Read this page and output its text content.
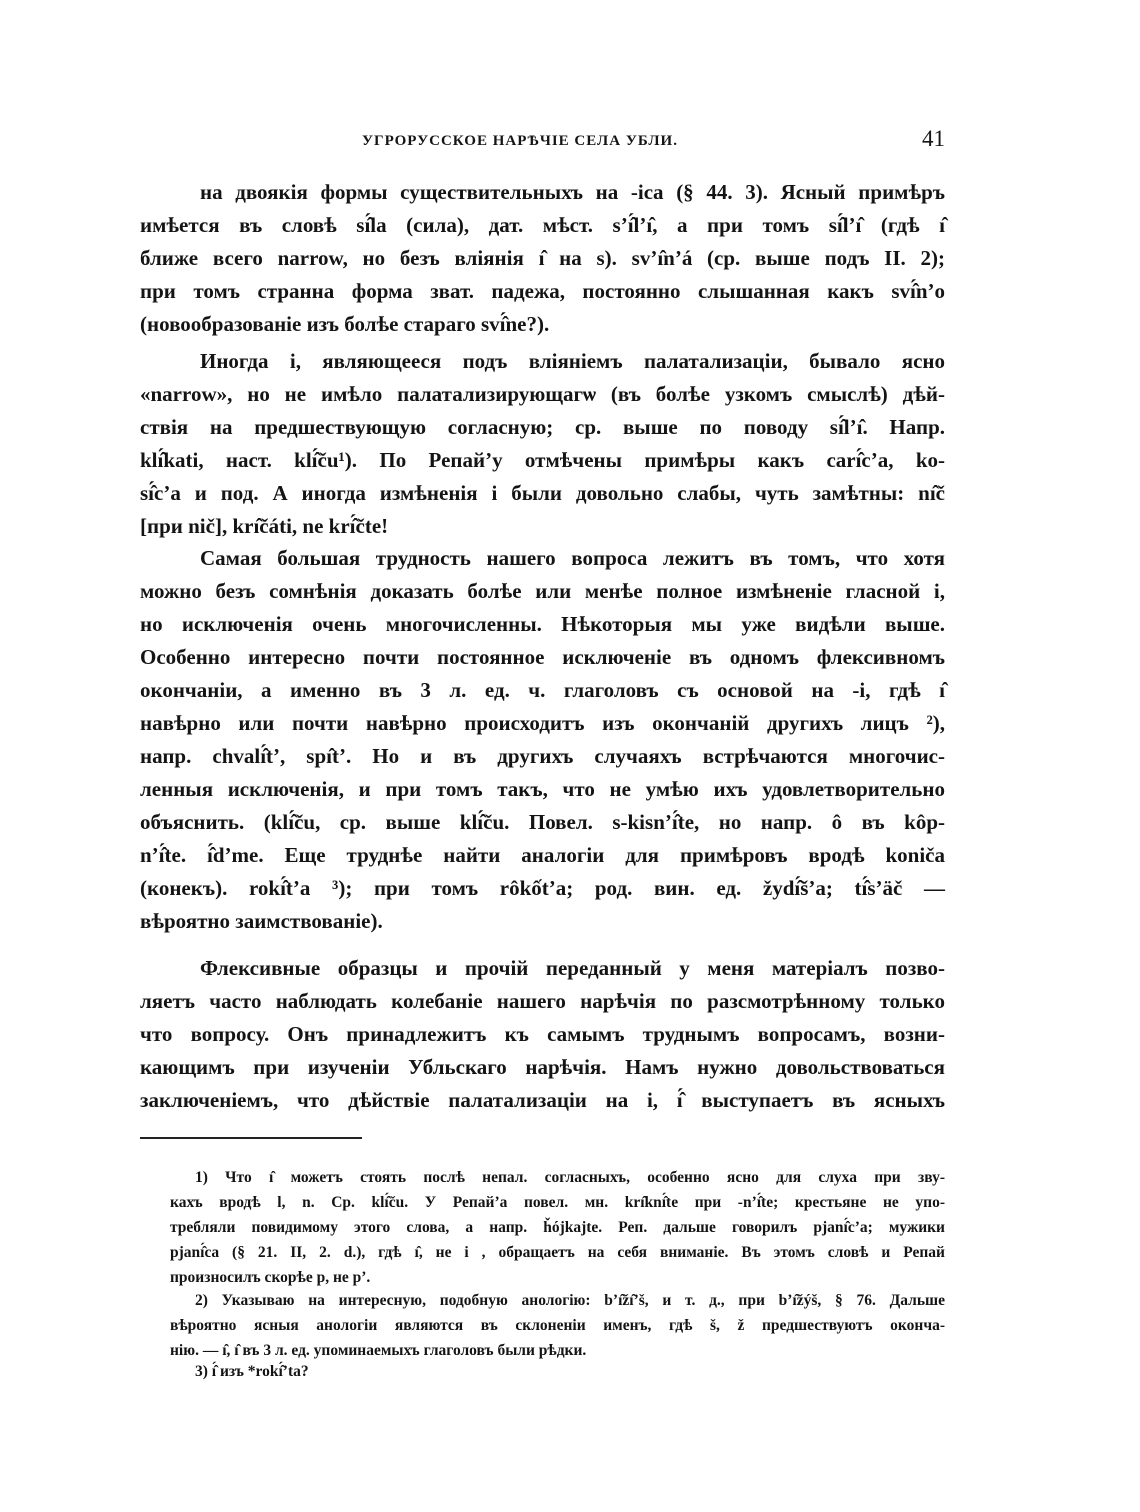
УГРОРУССКОЕ НАРѢЧІЕ СЕЛА УБЛИ.	41
на двоякія формы существительныхъ на -ica (§ 44. 3). Ясный примѣръ
имѣется въ словѣ sı̂́la (сила), дат. мѣст. s’ı̂́l’ı̂, а при томъ sı̂́l’ı̂ (гдѣ ı̂
ближе всего narrow, но безъ вліянія ı̂ на s). sv’ı̂n’á (ср. выше подъ II. 2);
при томъ странна форма зват. падежа, постоянно слышанная какъ svı̂́n’o
(новообразованіе изъ болѣе стараго svı̂́ne?).
Иногда i, являющееся подъ вліяніемъ палатализаціи, бывало ясно
«narrow», но не имѣло палатализирующагѡ (въ болѣе узкомъ смыслѣ) дѣй-
ствія на предшествующую согласную; ср. выше по поводу sı̂́l’ı̂. Напр.
klı̂́kati, наст. klı̂́ču¹). По Репай’у отмѣчены примѣры какъ carı̂́c’a, ko-
sı̂́c’a и под. А иногда измѣненія i были довольно слабы, чуть замѣтны: nı̂č
[при nič], krı̂čáti, ne krı̂́čte!
Самая большая трудность нашего вопроса лежитъ въ томъ, что хотя
можно безъ сомнѣнія доказать болѣе или менѣе полное измѣненіе гласной i,
но исключенія очень многочисленны. Нѣкоторыя мы уже видѣли выше.
Особенно интересно почти постоянное исключеніе въ одномъ флексивномъ
окончаніи, а именно въ 3 л. ед. ч. глаголовъ съ основой на -i, гдѣ ı̂
навѣрно или почти навѣрно происходитъ изъ окончаній другихъ лицъ ²),
напр. chvalı̂́t’, spı̂t’. Но и въ другихъ случаяхъ встрѣчаются многочис-
ленныя исключенія, и при томъ такъ, что не умѣю ихъ удовлетворительно
объяснить. (klı̂́ču, ср. выше klı̂́ču. Повел. s-kisn’ı̂́te, но напр. ô въ kôp-
n’ı̂́te. ı̂́d’me. Еще труднѣе найти аналогіи для примѣровъ вродѣ koniča
(конекъ). rokı̂́t’a ³); при томъ rôkốt’a; род. вин. ед. žydı̂́š’a; tı̂́s’äč —
вѣроятно заимствованіе).
Флексивные образцы и прочій переданный у меня матеріалъ позво-
ляетъ часто наблюдать колебаніе нашего нарѣчія по разсмотрѣнному только
что вопросу. Онъ принадлежитъ къ самымъ труднымъ вопросамъ, возни-
кающимъ при изученіи Убльскаго нарѣчія. Намъ нужно довольствоваться
заключеніемъ, что дѣйствіе палатализаціи на i, ı̂́ выступаетъ въ ясныхъ
1) Что ı̂ можетъ стоять послѣ непал. согласныхъ, особенно ясно для слуха при зву-
кахъ вродѣ l, n. Ср. klı̂́ču. У Репай’а повел. мн. krı̂knı̂́te при -n’ı̂́te; крестьяне не упо-
требляли повидимому этого слова, а напр. ȟójkajte. Реп. дальше говорилъ pjanı̂́c’a; мужики
pjanı̂́ca (§ 21. II, 2. d.), гдѣ ı̂, не i , обращаетъ на себя вниманіе. Въ этомъ словѣ и Репай
произносилъ скорѣе p, не p’.
2) Указываю на интересную, подобную анологію: b’ı̂žı̂’š, и т. д., при b’ı̂žýš, § 76. Дальше
вѣроятно ясныя анологіи являются въ склоненіи именъ, гдѣ š, ž предшествуютъ оконча-
нію. — ı̂, ı̂ въ 3 л. ед. упоминаемыхъ глаголовъ были рѣдки.
3) ı̂́ изъ *rokı̂́’ta?
